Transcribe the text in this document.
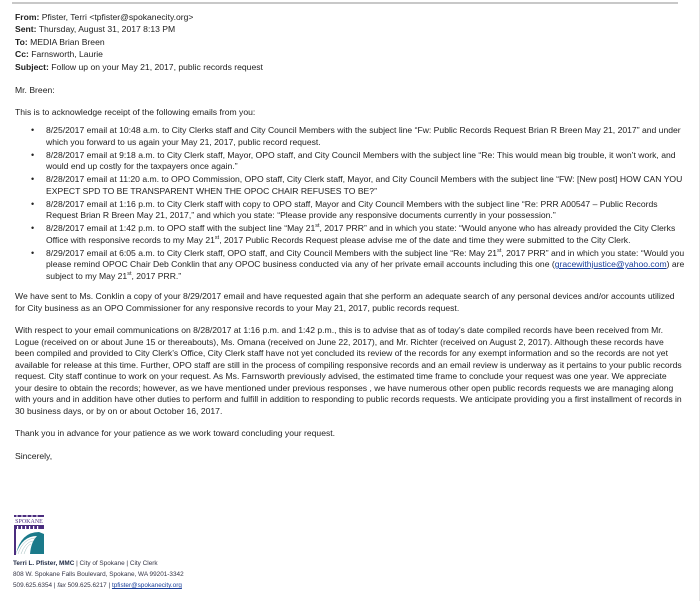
From: Pfister, Terri <tpfister@spokanecity.org>
Sent: Thursday, August 31, 2017 8:13 PM
To: MEDIA Brian Breen
Cc: Farnsworth, Laurie
Subject: Follow up on your May 21, 2017, public records request

Mr. Breen:

This is to acknowledge receipt of the following emails from you:

• 8/25/2017 email at 10:48 a.m. to City Clerks staff and City Council Members with the subject line “Fw: Public Records Request Brian R Breen May 21, 2017” and under which you forward to us again your May 21, 2017, public record request.
• 8/28/2017 email at 9:18 a.m. to City Clerk staff, Mayor, OPO staff, and City Council Members with the subject line “Re: This would mean big trouble, it won’t work, and would end up costly for the taxpayers once again.”
• 8/28/2017 email at 11:20 a.m. to OPO Commission, OPO staff, City Clerk staff, Mayor, and City Council Members with the subject line “FW: [New post] HOW CAN YOU EXPECT SPD TO BE TRANSPARENT WHEN THE OPOC CHAIR REFUSES TO BE?”
• 8/28/2017 email at 1:16 p.m. to City Clerk staff with copy to OPO staff, Mayor and City Council Members with the subject line “Re: PRR A00547 – Public Records Request Brian R Breen May 21, 2017,” and which you state: “Please provide any responsive documents currently in your possession.”
• 8/28/2017 email at 1:42 p.m. to OPO staff with the subject line “May 21st, 2017 PRR” and in which you state: “Would anyone who has already provided the City Clerks Office with responsive records to my May 21st, 2017 Public Records Request please advise me of the date and time they were submitted to the City Clerk.
• 8/29/2017 email at 6:05 a.m. to City Clerk staff, OPO staff, and City Council Members with the subject line “Re: May 21st, 2017 PRR” and in which you state: “Would you please remind OPOC Chair Deb Conklin that any OPOC business conducted via any of her private email accounts including this one (gracewithjustice@yahoo.com) are subject to my May 21st, 2017 PRR.”

We have sent to Ms. Conklin a copy of your 8/29/2017 email and have requested again that she perform an adequate search of any personal devices and/or accounts utilized for City business as an OPO Commissioner for any responsive records to your May 21, 2017, public records request.

With respect to your email communications on 8/28/2017 at 1:16 p.m. and 1:42 p.m., this is to advise that as of today’s date compiled records have been received from Mr. Logue (received on or about June 15 or thereabouts), Ms. Omana (received on June 22, 2017), and Mr. Richter (received on August 2, 2017). Although these records have been compiled and provided to City Clerk’s Office, City Clerk staff have not yet concluded its review of the records for any exempt information and so the records are not yet available for release at this time. Further, OPO staff are still in the process of compiling responsive records and an email review is underway as it pertains to your public records request. City staff continue to work on your request. As Ms. Farnsworth previously advised, the estimated time frame to conclude your request was one year. We appreciate your desire to obtain the records; however, as we have mentioned under previous responses , we have numerous other open public records requests we are managing along with yours and in addition have other duties to perform and fulfill in addition to responding to public records requests. We anticipate providing you a first installment of records in 30 business days, or by on or about October 16, 2017.

Thank you in advance for your patience as we work toward concluding your request.

Sincerely,

SPOKANE
Terri L. Pfister, MMC | City of Spokane | City Clerk
808 W. Spokane Falls Boulevard, Spokane, WA 99201-3342
509.625.6354 | fax 509.625.6217 | tpfister@spokanecity.org
